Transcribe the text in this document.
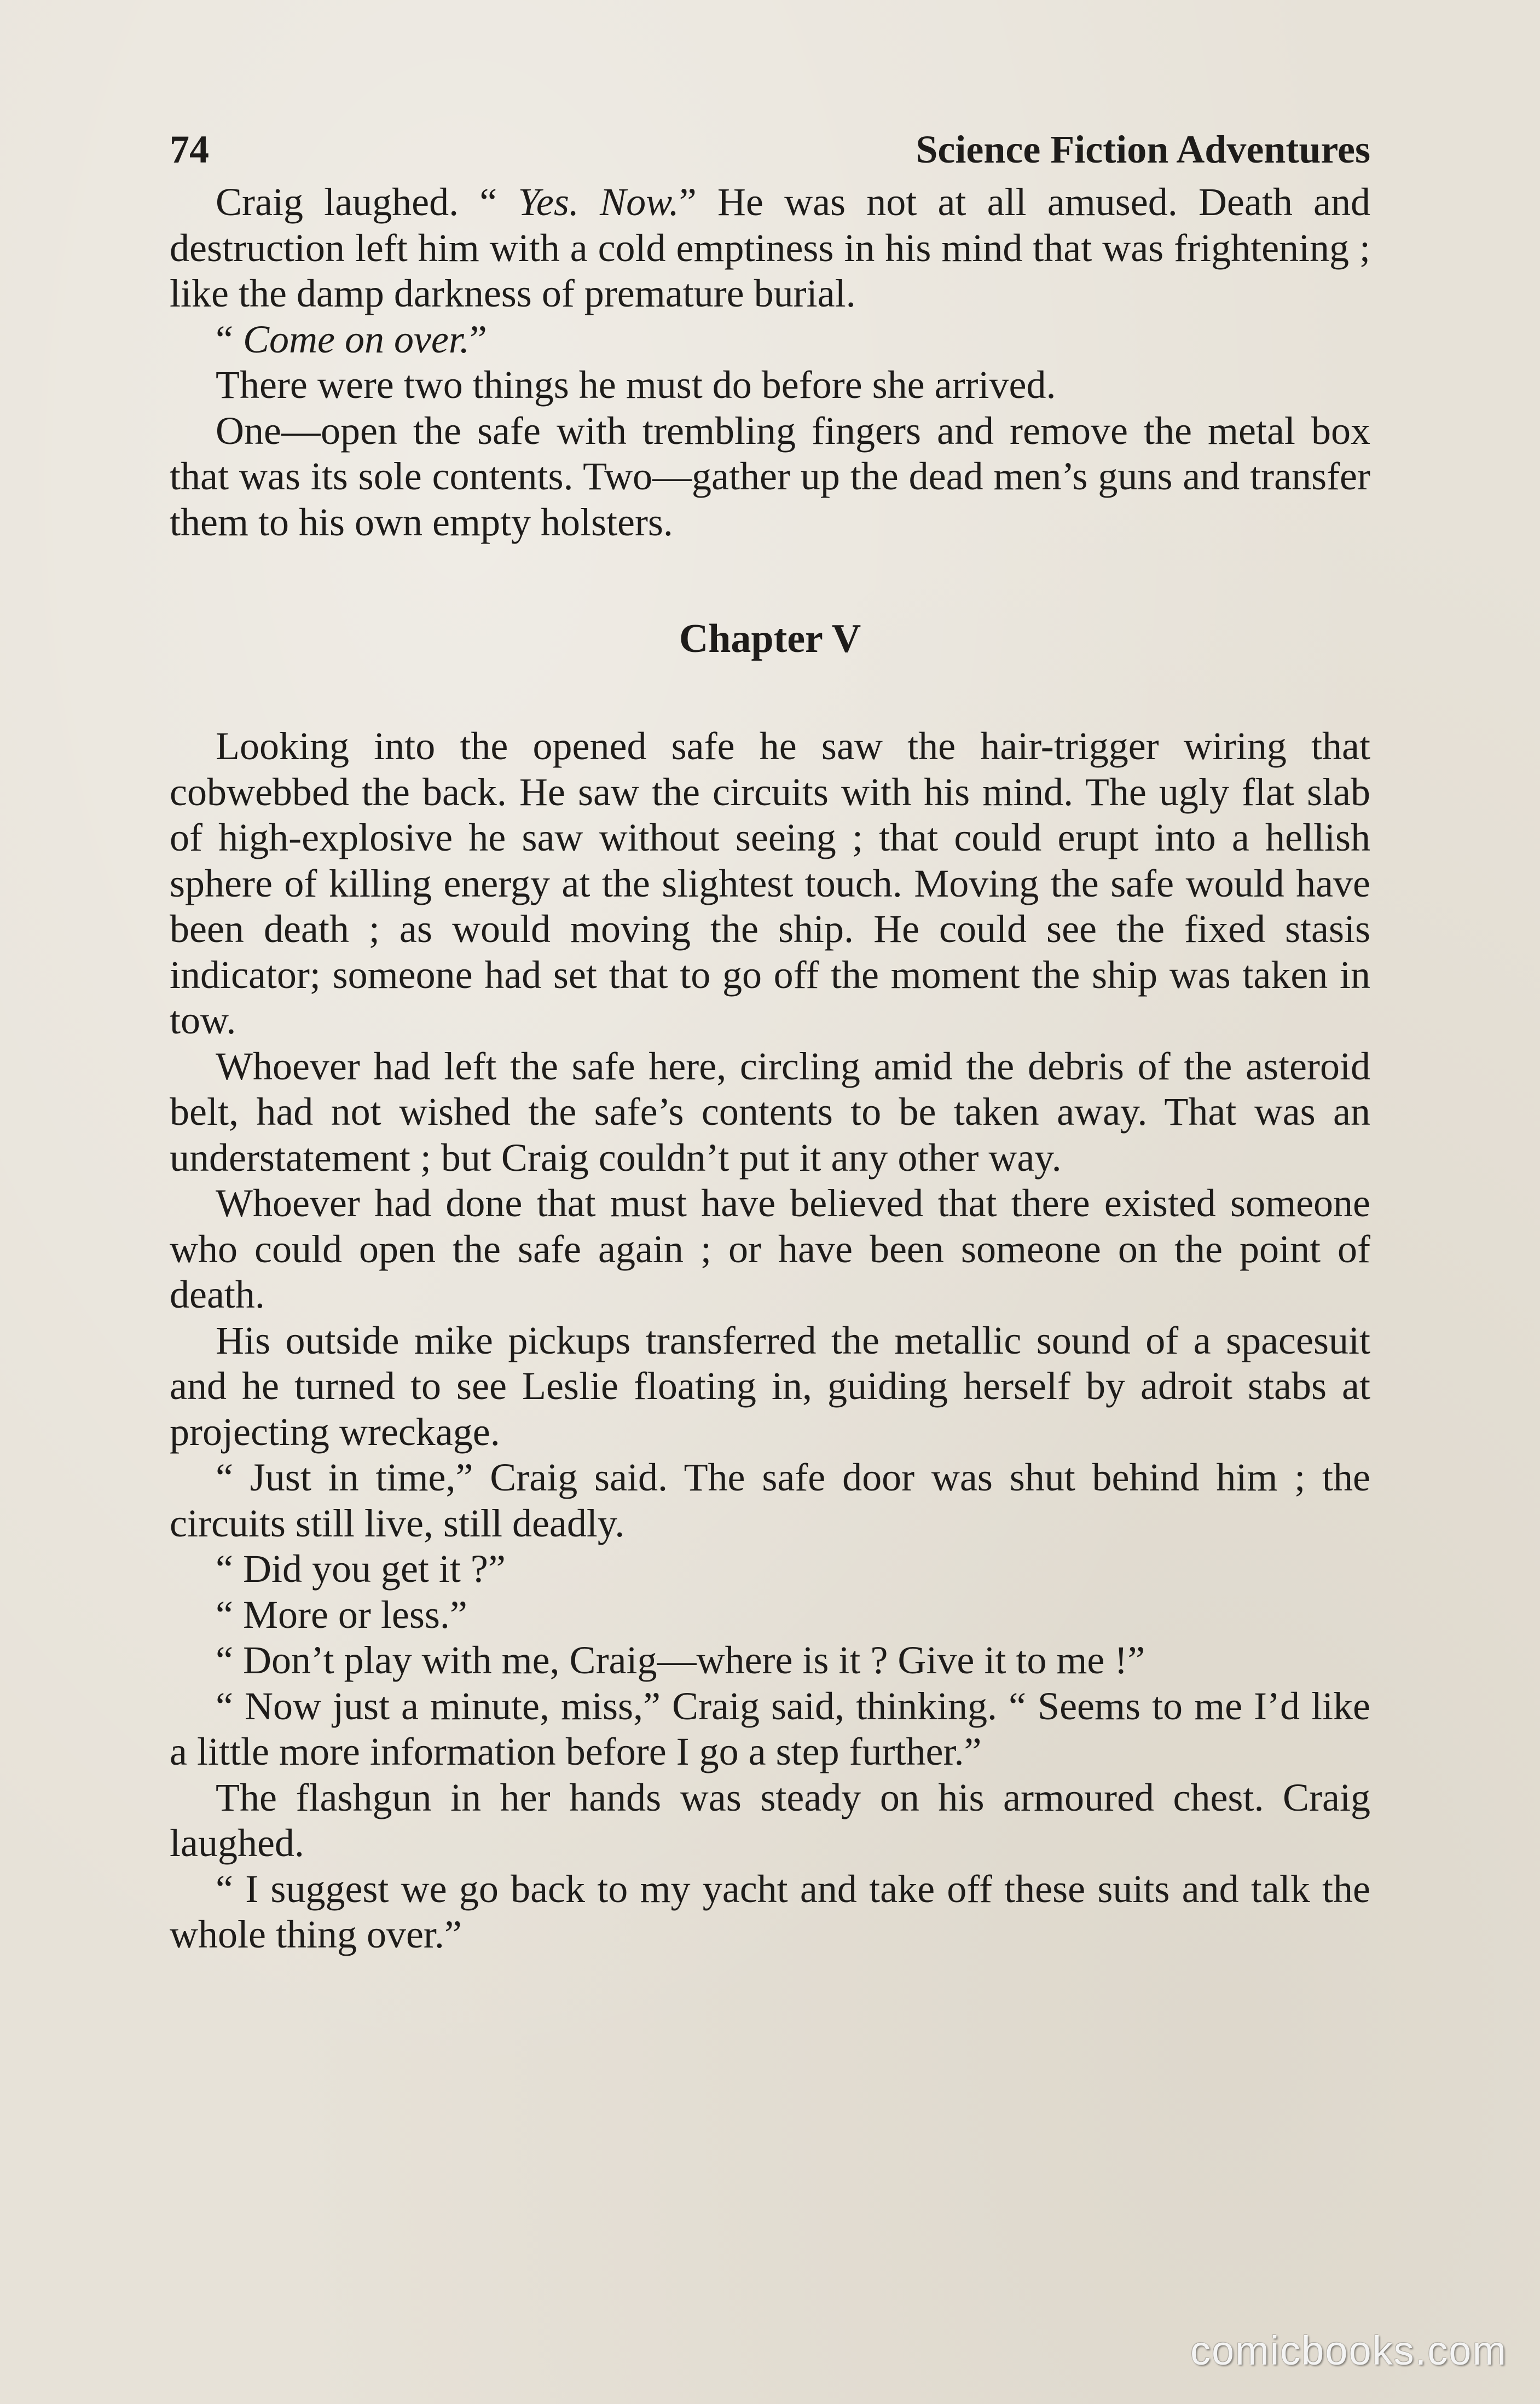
74	Science Fiction Adventures

Craig laughed. “ Yes. Now.” He was not at all amused. Death and destruction left him with a cold emptiness in his mind that was frightening ; like the damp darkness of premature burial.

“ Come on over.”

There were two things he must do before she arrived.

One—open the safe with trembling fingers and remove the metal box that was its sole contents. Two—gather up the dead men’s guns and transfer them to his own empty holsters.

Chapter V

Looking into the opened safe he saw the hair-trigger wiring that cobwebbed the back. He saw the circuits with his mind. The ugly flat slab of high-explosive he saw without seeing ; that could erupt into a hellish sphere of killing energy at the slightest touch. Moving the safe would have been death ; as would moving the ship. He could see the fixed stasis indicator; someone had set that to go off the moment the ship was taken in tow.

Whoever had left the safe here, circling amid the debris of the asteroid belt, had not wished the safe’s contents to be taken away. That was an understatement ; but Craig couldn’t put it any other way.

Whoever had done that must have believed that there existed someone who could open the safe again ; or have been someone on the point of death.

His outside mike pickups transferred the metallic sound of a spacesuit and he turned to see Leslie floating in, guiding herself by adroit stabs at projecting wreckage.

“ Just in time,” Craig said. The safe door was shut behind him ; the circuits still live, still deadly.

“ Did you get it ?”

“ More or less.”

“ Don’t play with me, Craig—where is it ? Give it to me !”

“ Now just a minute, miss,” Craig said, thinking. “ Seems to me I’d like a little more information before I go a step further.”

The flashgun in her hands was steady on his armoured chest. Craig laughed.

“ I suggest we go back to my yacht and take off these suits and talk the whole thing over.”

comicbooks.com
